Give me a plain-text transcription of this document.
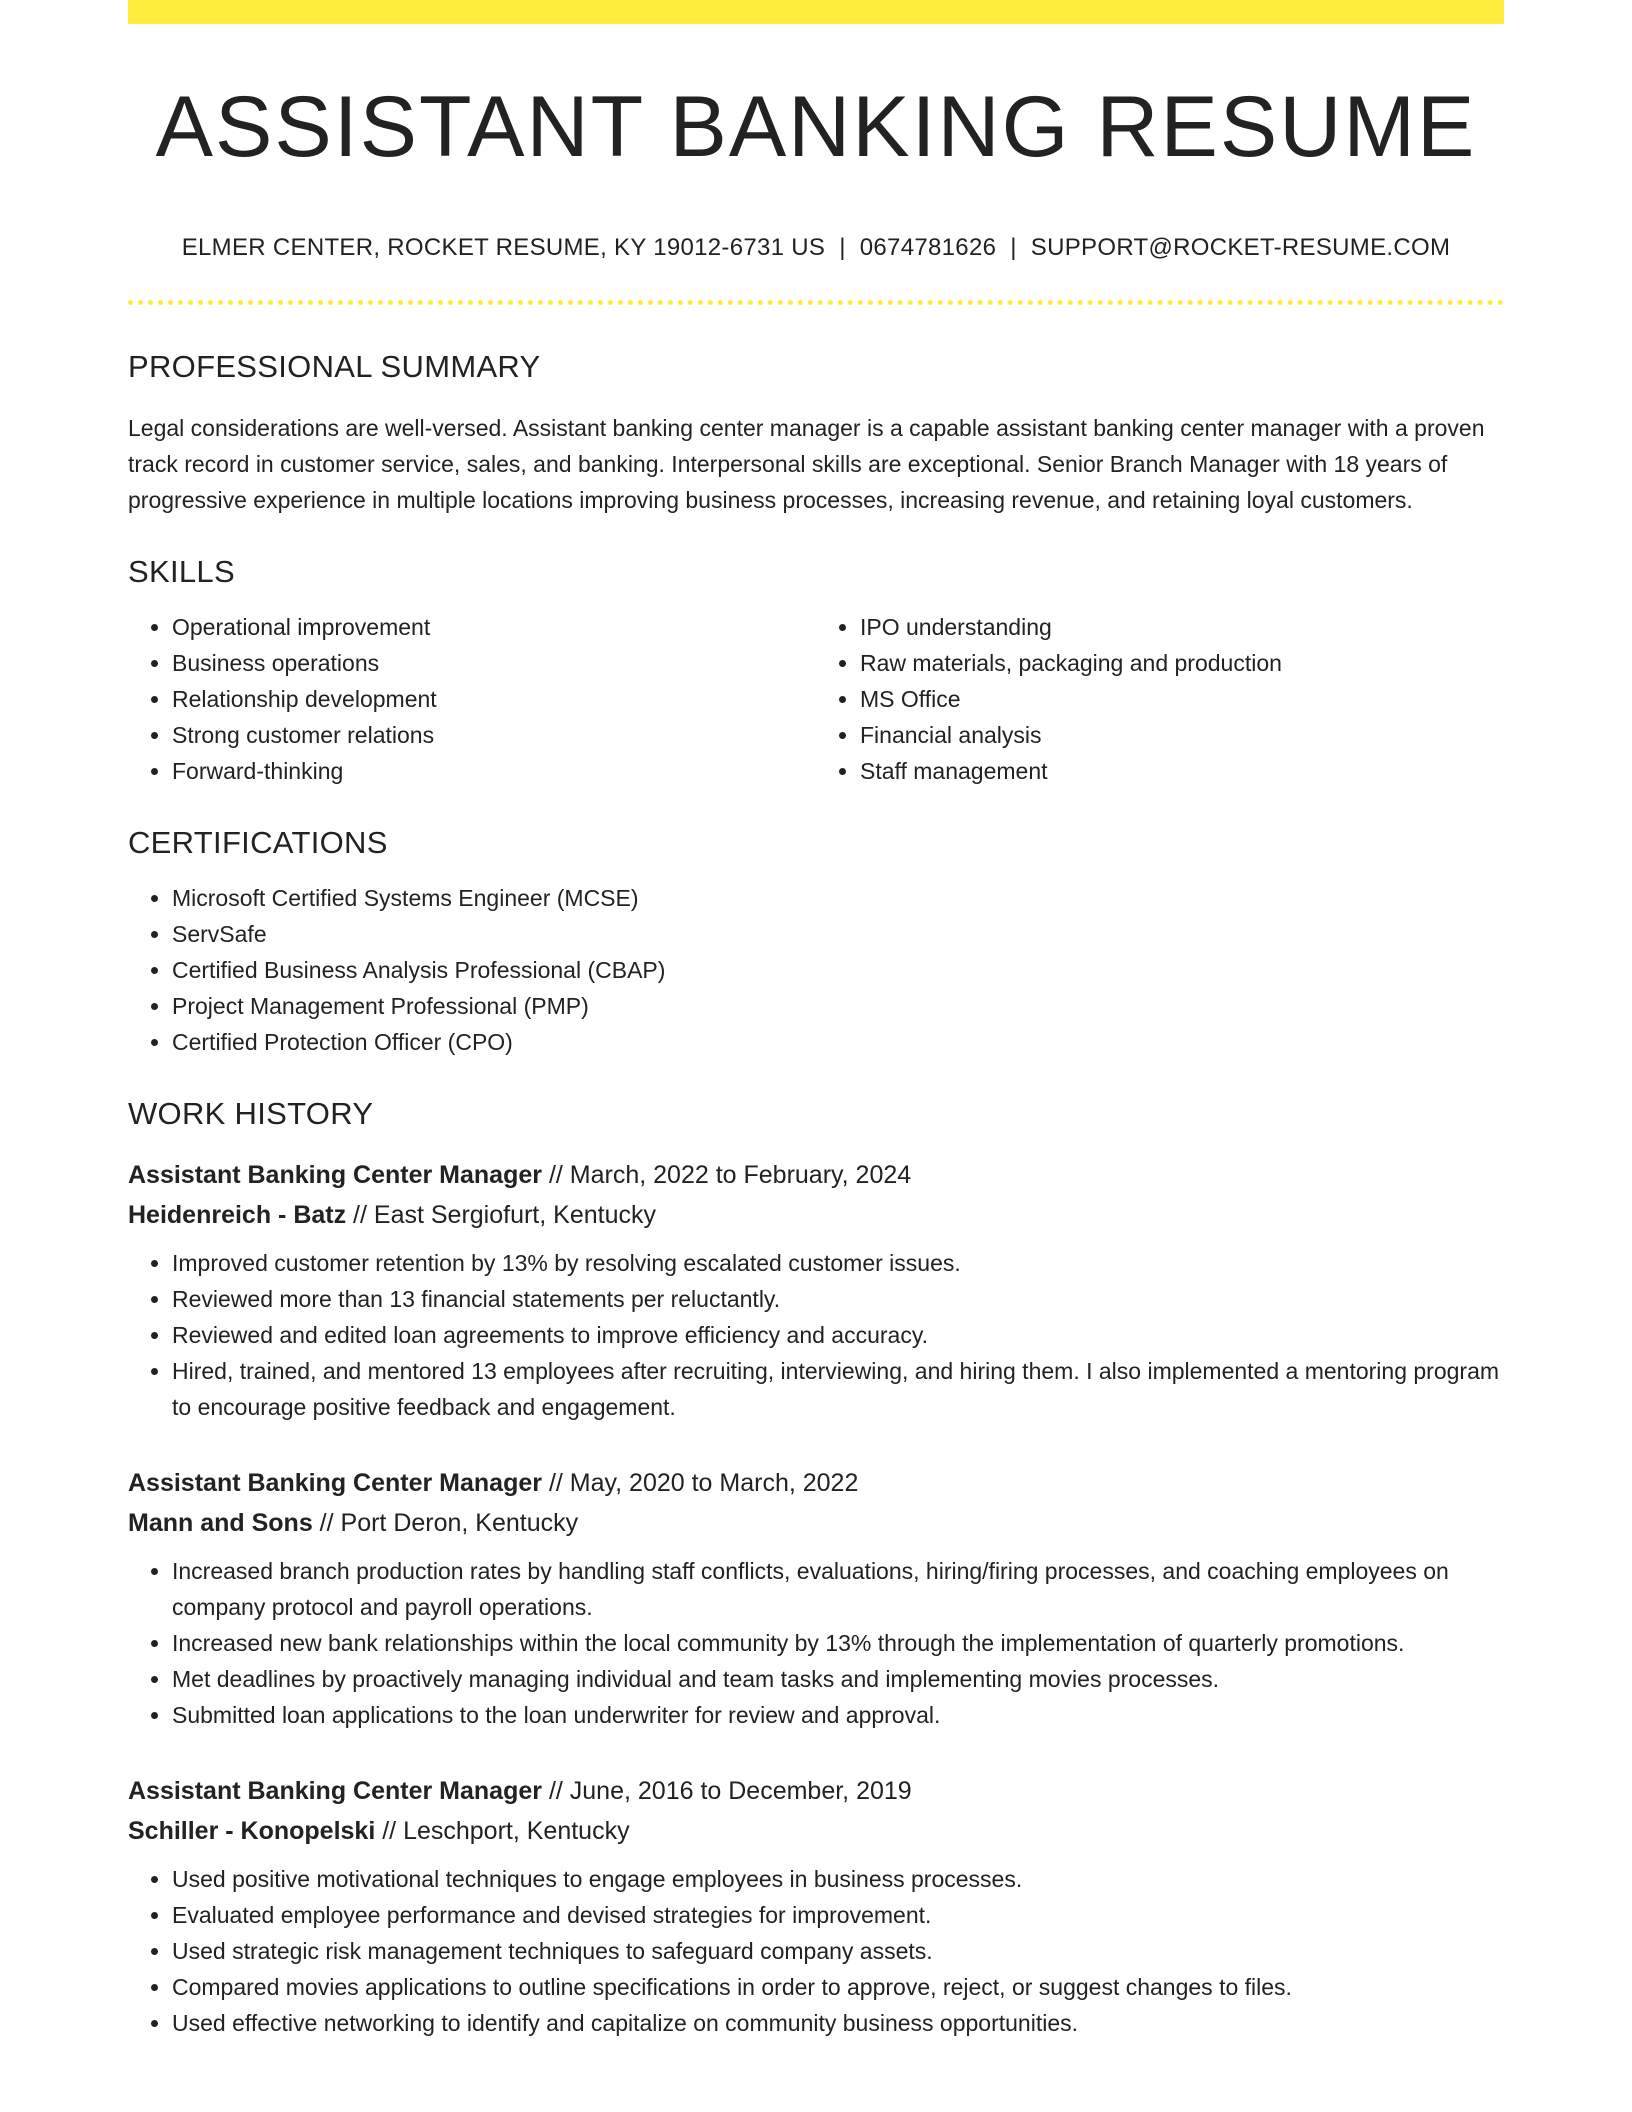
ASSISTANT BANKING RESUME
ELMER CENTER, ROCKET RESUME, KY 19012-6731 US | 0674781626 | SUPPORT@ROCKET-RESUME.COM
PROFESSIONAL SUMMARY
Legal considerations are well-versed. Assistant banking center manager is a capable assistant banking center manager with a proven track record in customer service, sales, and banking. Interpersonal skills are exceptional. Senior Branch Manager with 18 years of progressive experience in multiple locations improving business processes, increasing revenue, and retaining loyal customers.
SKILLS
• Operational improvement
• Business operations
• Relationship development
• Strong customer relations
• Forward-thinking
• IPO understanding
• Raw materials, packaging and production
• MS Office
• Financial analysis
• Staff management
CERTIFICATIONS
• Microsoft Certified Systems Engineer (MCSE)
• ServSafe
• Certified Business Analysis Professional (CBAP)
• Project Management Professional (PMP)
• Certified Protection Officer (CPO)
WORK HISTORY
Assistant Banking Center Manager // March, 2022 to February, 2024
Heidenreich - Batz // East Sergiofurt, Kentucky
• Improved customer retention by 13% by resolving escalated customer issues.
• Reviewed more than 13 financial statements per reluctantly.
• Reviewed and edited loan agreements to improve efficiency and accuracy.
• Hired, trained, and mentored 13 employees after recruiting, interviewing, and hiring them. I also implemented a mentoring program to encourage positive feedback and engagement.
Assistant Banking Center Manager // May, 2020 to March, 2022
Mann and Sons // Port Deron, Kentucky
• Increased branch production rates by handling staff conflicts, evaluations, hiring/firing processes, and coaching employees on company protocol and payroll operations.
• Increased new bank relationships within the local community by 13% through the implementation of quarterly promotions.
• Met deadlines by proactively managing individual and team tasks and implementing movies processes.
• Submitted loan applications to the loan underwriter for review and approval.
Assistant Banking Center Manager // June, 2016 to December, 2019
Schiller - Konopelski // Leschport, Kentucky
• Used positive motivational techniques to engage employees in business processes.
• Evaluated employee performance and devised strategies for improvement.
• Used strategic risk management techniques to safeguard company assets.
• Compared movies applications to outline specifications in order to approve, reject, or suggest changes to files.
• Used effective networking to identify and capitalize on community business opportunities.
